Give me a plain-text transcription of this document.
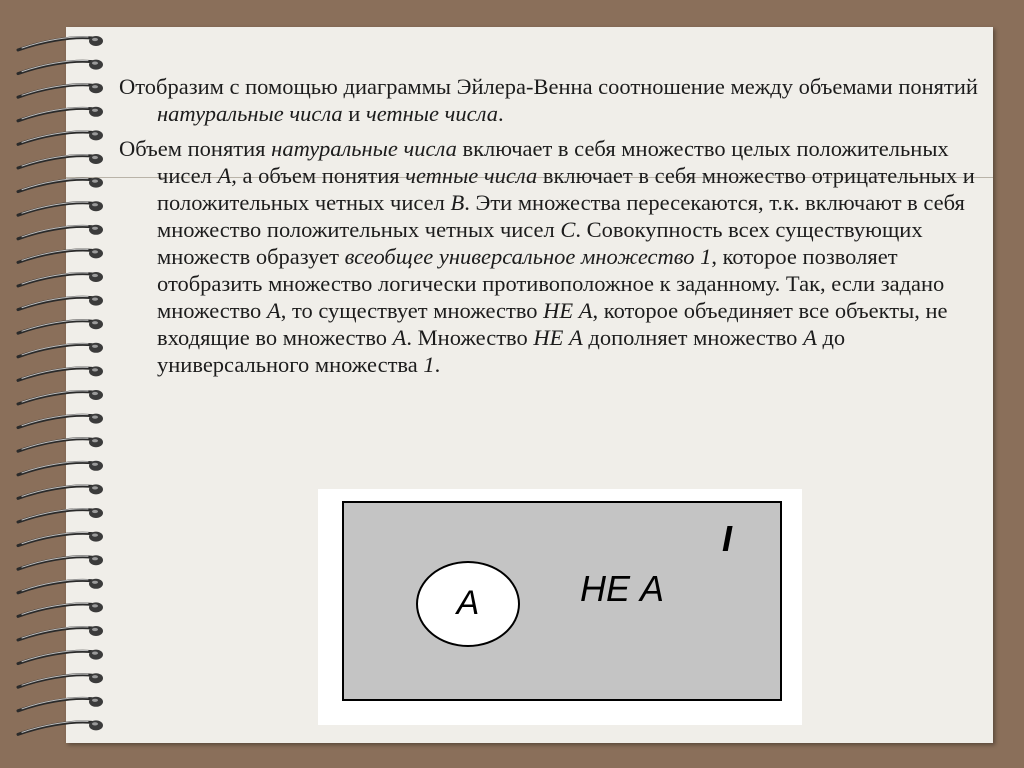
Отобразим с помощью диаграммы Эйлера-Венна соотношение между объемами понятий натуральные числа и четные числа.

Объем понятия натуральные числа включает в себя множество целых положительных чисел А, а объем понятия четные числа включает в себя множество отрицательных и положительных четных чисел В. Эти множества пересекаются, т.к. включают в себя множество положительных четных чисел С. Совокупность всех существующих множеств образует всеобщее универсальное множество 1, которое позволяет отобразить множество логически противоположное к заданному. Так, если задано множество А, то существует множество НЕ А, которое объединяет все объекты, не входящие во множество А. Множество НЕ А дополняет множество А до универсального множества 1.

А	НЕ А
I
